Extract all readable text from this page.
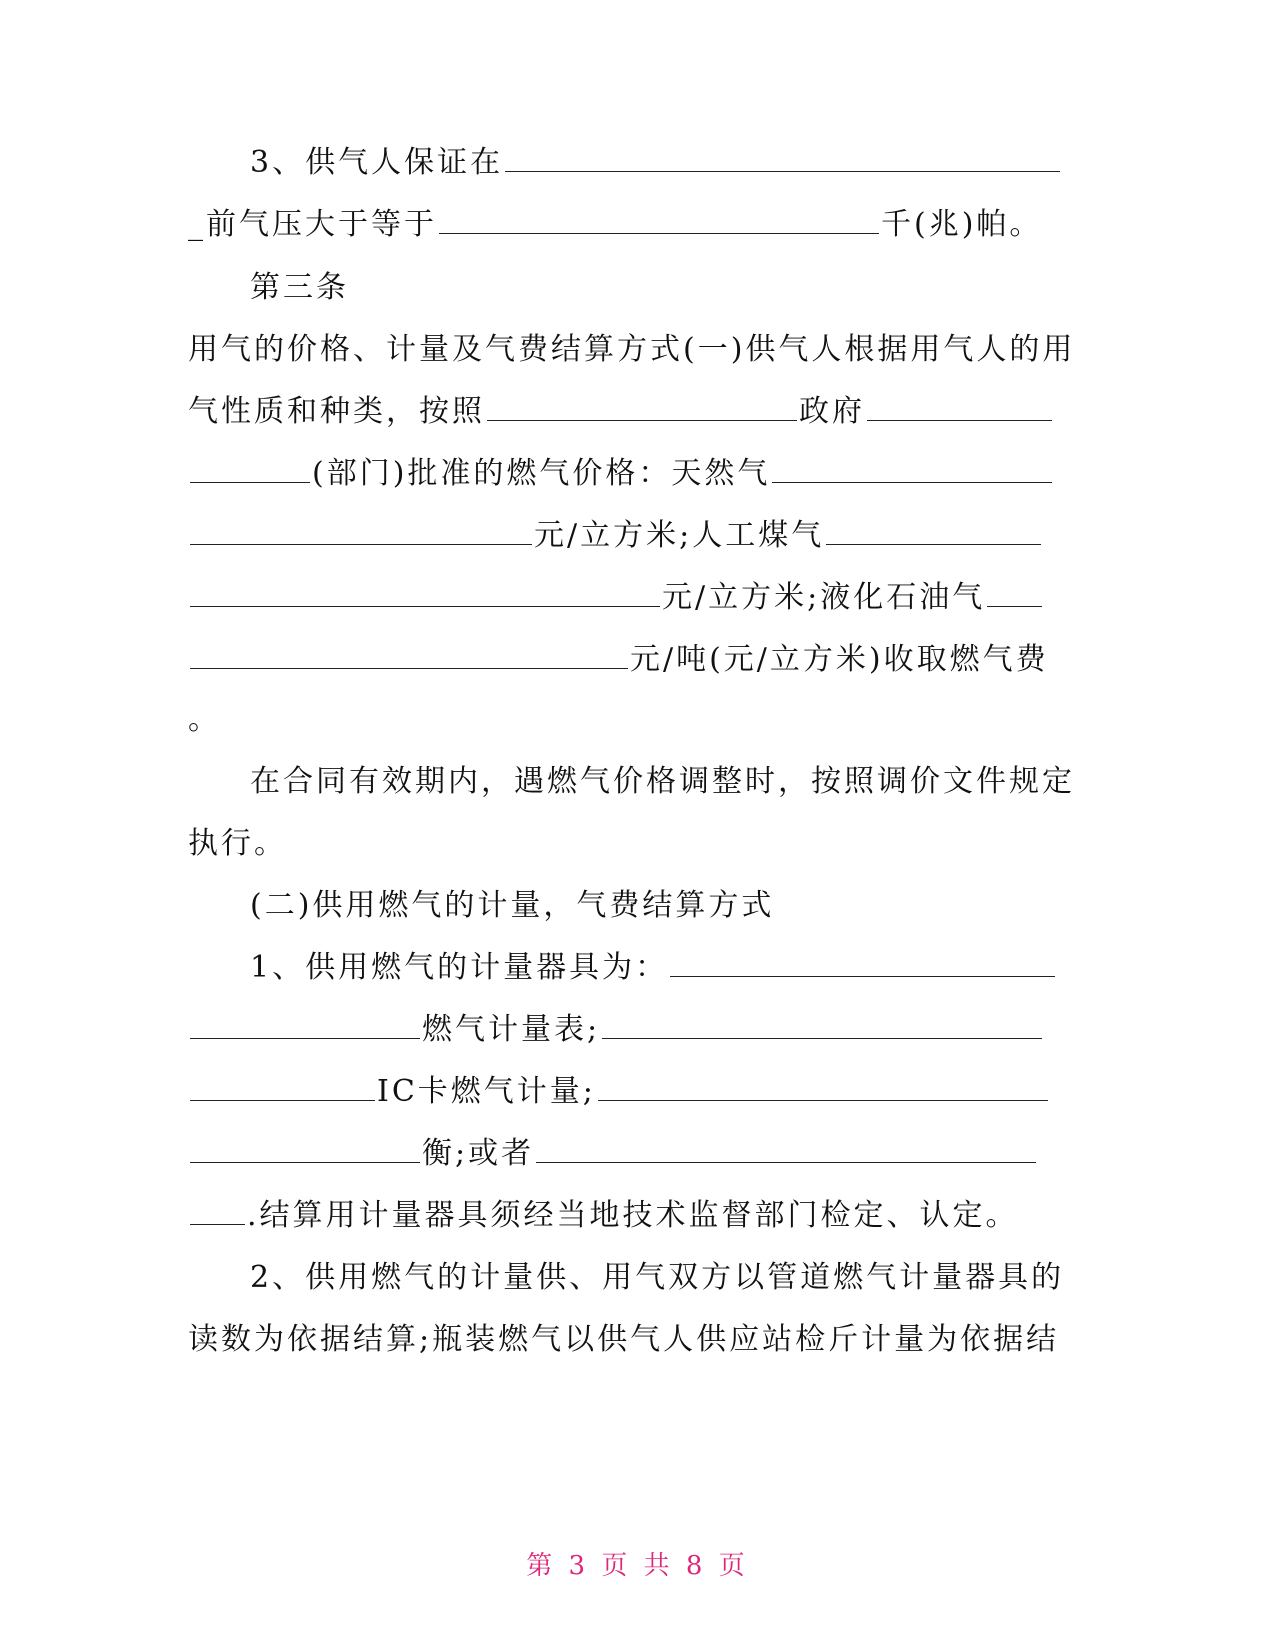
3、供气人保证在
_前气压大于等于	千(兆)帕。
第三条
用气的价格、计量及气费结算方式(一)供气人根据用气人的用
气性质和种类，按照	政府
(部门)批准的燃气价格：天然气
元/立方米;人工煤气
元/立方米;液化石油气
元/吨(元/立方米)收取燃气费
。
在合同有效期内，遇燃气价格调整时，按照调价文件规定
执行。
(二)供用燃气的计量，气费结算方式
1、供用燃气的计量器具为：
燃气计量表;
IC卡燃气计量;
衡;或者
.结算用计量器具须经当地技术监督部门检定、认定。
2、供用燃气的计量供、用气双方以管道燃气计量器具的
读数为依据结算;瓶装燃气以供气人供应站检斤计量为依据结
第 3 页 共 8 页
